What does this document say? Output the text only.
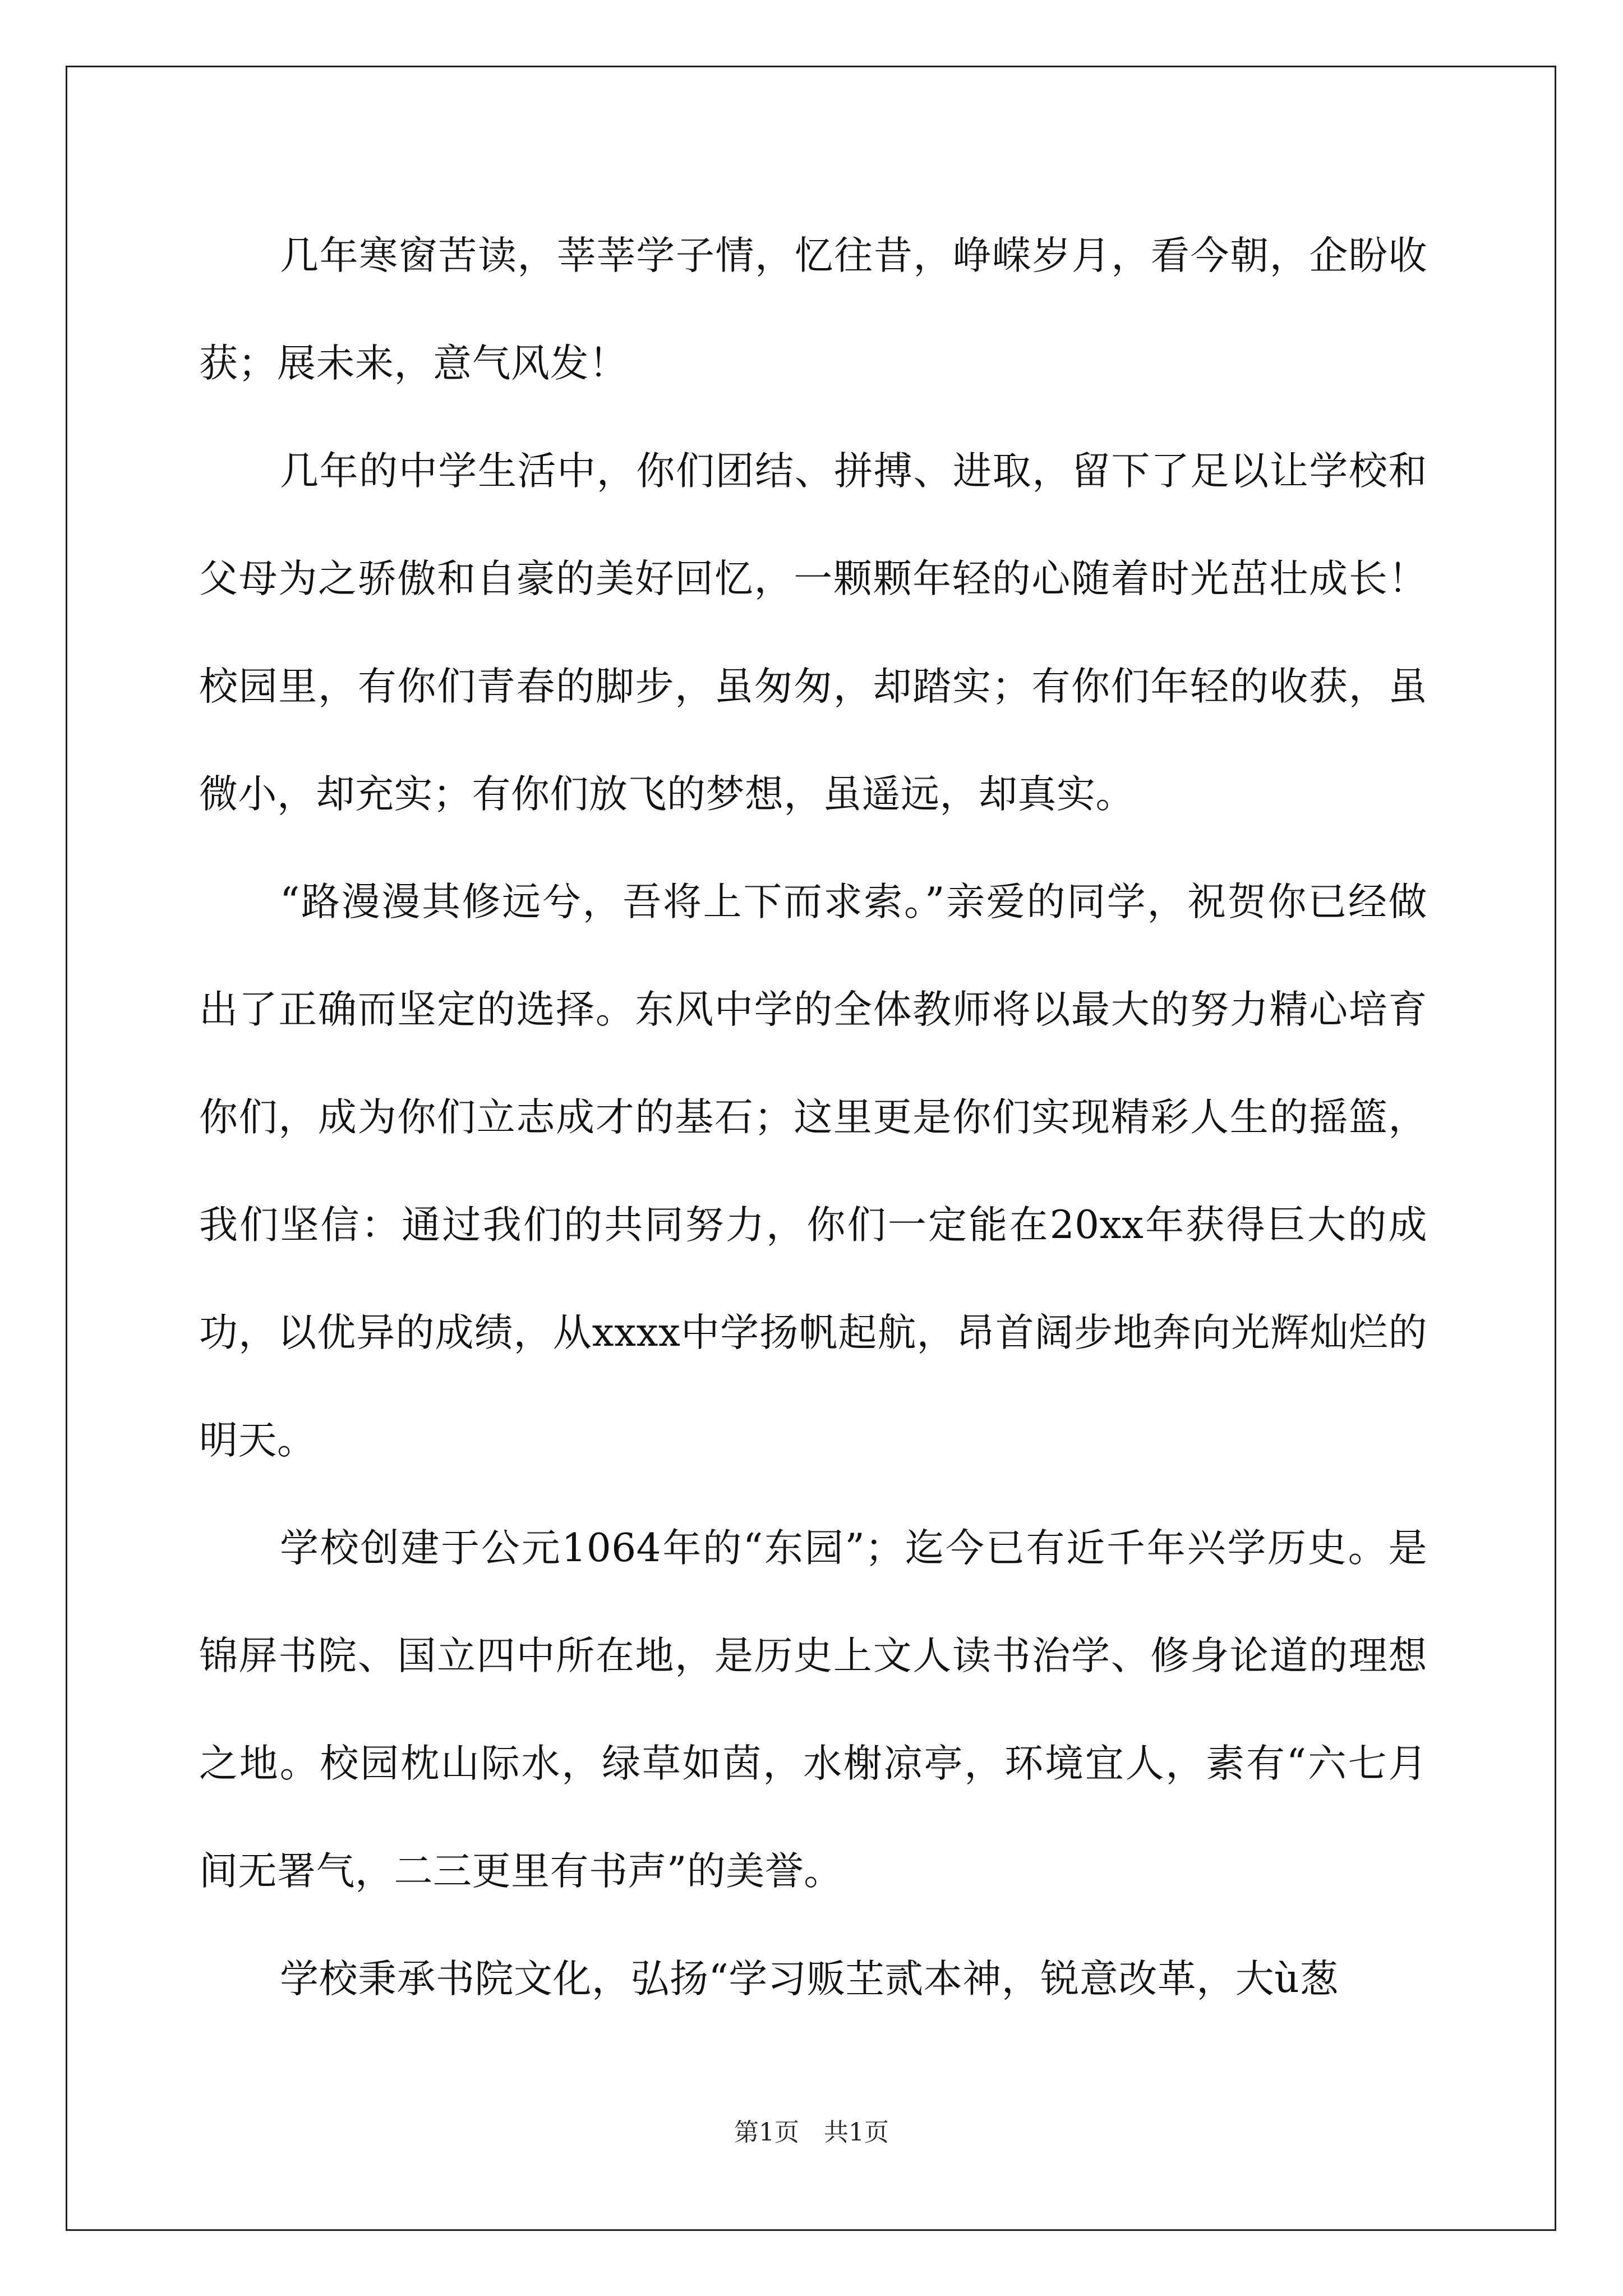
几年寒窗苦读，莘莘学子情，忆往昔，峥嵘岁月，看今朝，企盼收获；展未来，意气风发！

几年的中学生活中，你们团结、拼搏、进取，留下了足以让学校和父母为之骄傲和自豪的美好回忆，一颗颗年轻的心随着时光茁壮成长！校园里，有你们青春的脚步，虽匆匆，却踏实；有你们年轻的收获，虽微小，却充实；有你们放飞的梦想，虽遥远，却真实。

“路漫漫其修远兮，吾将上下而求索。”亲爱的同学，祝贺你已经做出了正确而坚定的选择。东风中学的全体教师将以最大的努力精心培育你们，成为你们立志成才的基石；这里更是你们实现精彩人生的摇篮，我们坚信：通过我们的共同努力，你们一定能在20xx年获得巨大的成功，以优异的成绩，从xxxx中学扬帆起航，昂首阔步地奔向光辉灿烂的明天。

学校创建于公元1064年的“东园”；迄今已有近千年兴学历史。是锦屏书院、国立四中所在地，是历史上文人读书治学、修身论道的理想之地。校园枕山际水，绿草如茵，水榭凉亭，环境宜人，素有“六七月间无署气，二三更里有书声”的美誉。

学校秉承书院文化，弘扬“学习贩芏贰本神，锐意改革，大ù葱

第1页　共1页
